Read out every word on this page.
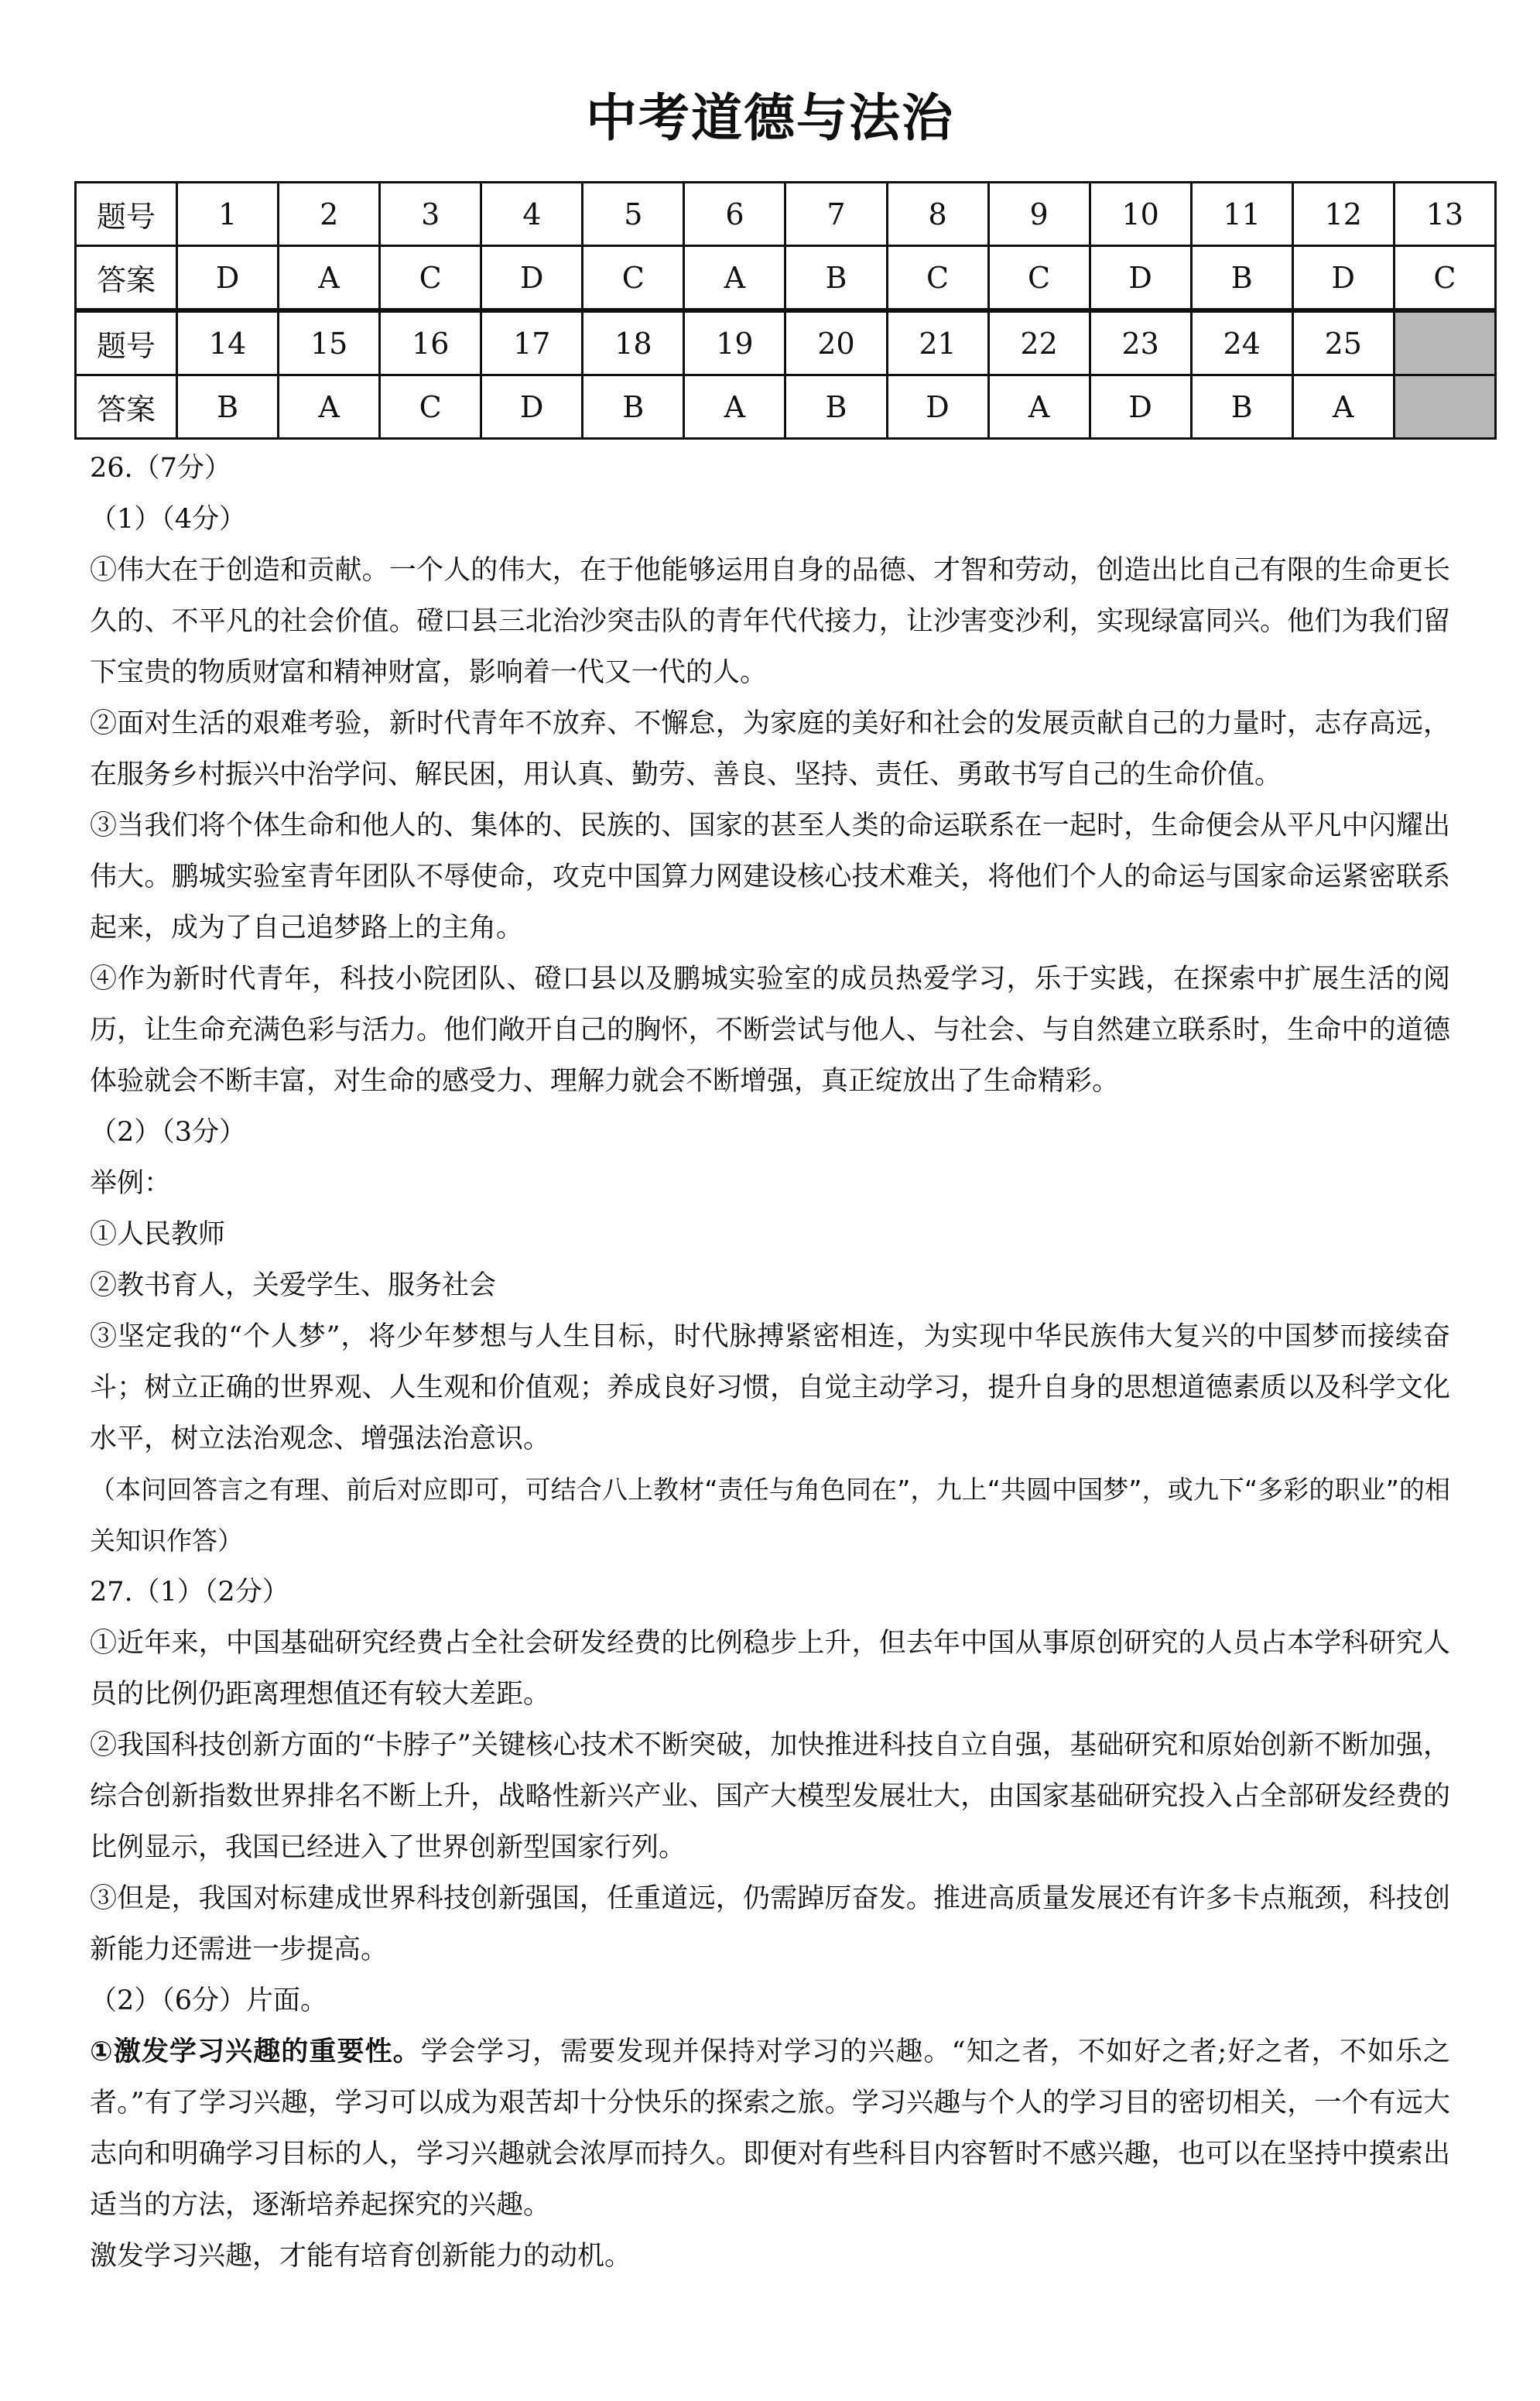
中考道德与法治
题号	1	2	3	4	5	6	7	8	9	10	11	12	13
答案	D	A	C	D	C	A	B	C	C	D	B	D	C
题号	14	15	16	17	18	19	20	21	22	23	24	25	
答案	B	A	C	D	B	A	B	D	A	D	B	A	

26.（7分）

（1）（4分）

①伟大在于创造和贡献。一个人的伟大，在于他能够运用自身的品德、才智和劳动，创造出比自己有限的生命更长久的、不平凡的社会价值。磴口县三北治沙突击队的青年代代接力，让沙害变沙利，实现绿富同兴。他们为我们留下宝贵的物质财富和精神财富，影响着一代又一代的人。

②面对生活的艰难考验，新时代青年不放弃、不懈怠，为家庭的美好和社会的发展贡献自己的力量时，志存高远，在服务乡村振兴中治学问、解民困，用认真、勤劳、善良、坚持、责任、勇敢书写自己的生命价值。

③当我们将个体生命和他人的、集体的、民族的、国家的甚至人类的命运联系在一起时，生命便会从平凡中闪耀出伟大。鹏城实验室青年团队不辱使命，攻克中国算力网建设核心技术难关，将他们个人的命运与国家命运紧密联系起来，成为了自己追梦路上的主角。

④作为新时代青年，科技小院团队、磴口县以及鹏城实验室的成员热爱学习，乐于实践，在探索中扩展生活的阅历，让生命充满色彩与活力。他们敞开自己的胸怀，不断尝试与他人、与社会、与自然建立联系时，生命中的道德体验就会不断丰富，对生命的感受力、理解力就会不断增强，真正绽放出了生命精彩。

（2）（3分）

举例：

①人民教师

②教书育人，关爱学生、服务社会

③坚定我的“个人梦”，将少年梦想与人生目标，时代脉搏紧密相连，为实现中华民族伟大复兴的中国梦而接续奋斗；树立正确的世界观、人生观和价值观；养成良好习惯，自觉主动学习，提升自身的思想道德素质以及科学文化水平，树立法治观念、增强法治意识。

（本问回答言之有理、前后对应即可，可结合八上教材“责任与角色同在”，九上“共圆中国梦”，或九下“多彩的职业”的相关知识作答）

27.（1）（2分）

①近年来，中国基础研究经费占全社会研发经费的比例稳步上升，但去年中国从事原创研究的人员占本学科研究人员的比例仍距离理想值还有较大差距。

②我国科技创新方面的“卡脖子”关键核心技术不断突破，加快推进科技自立自强，基础研究和原始创新不断加强，综合创新指数世界排名不断上升，战略性新兴产业、国产大模型发展壮大，由国家基础研究投入占全部研发经费的比例显示，我国已经进入了世界创新型国家行列。

③但是，我国对标建成世界科技创新强国，任重道远，仍需踔厉奋发。推进高质量发展还有许多卡点瓶颈，科技创新能力还需进一步提高。

（2）（6分）片面。

①激发学习兴趣的重要性。学会学习，需要发现并保持对学习的兴趣。“知之者，不如好之者;好之者，不如乐之者。”有了学习兴趣，学习可以成为艰苦却十分快乐的探索之旅。学习兴趣与个人的学习目的密切相关，一个有远大志向和明确学习目标的人，学习兴趣就会浓厚而持久。即便对有些科目内容暂时不感兴趣，也可以在坚持中摸索出适当的方法，逐渐培养起探究的兴趣。

激发学习兴趣，才能有培育创新能力的动机。
